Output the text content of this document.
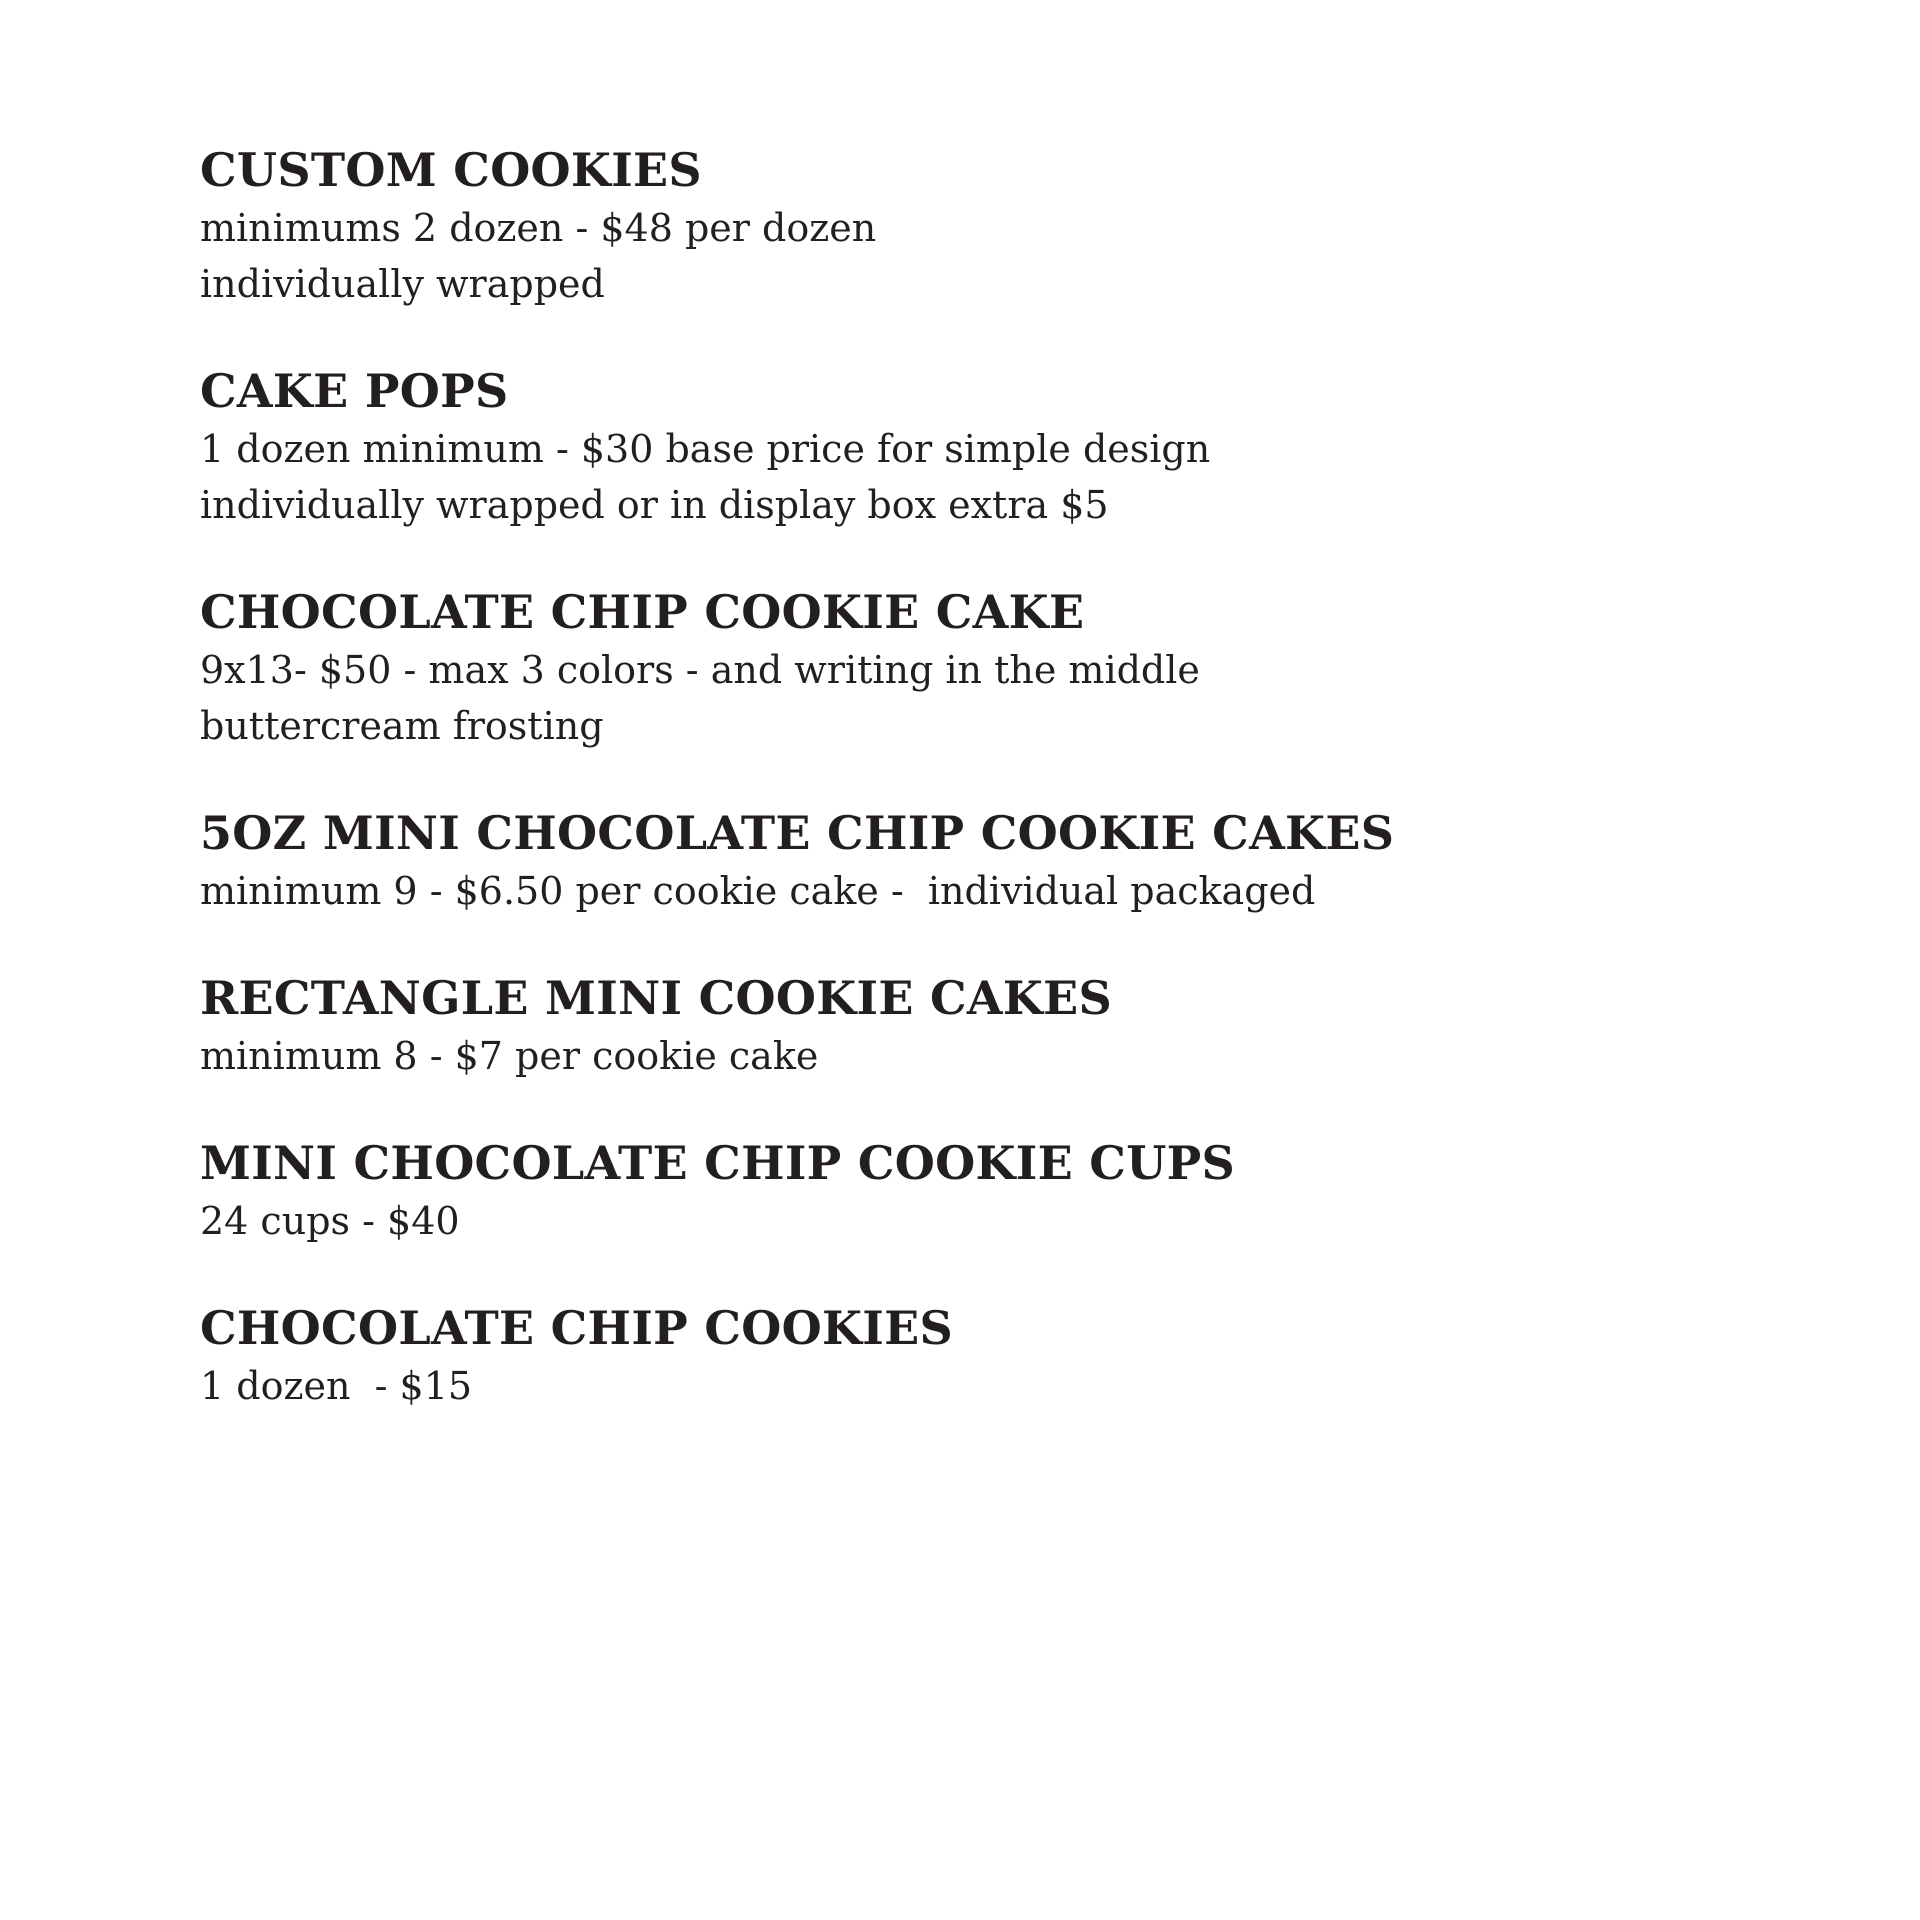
CUSTOM COOKIES
minimums 2 dozen - $48 per dozen
individually wrapped
CAKE POPS
1 dozen minimum - $30 base price for simple design
individually wrapped or in display box extra $5
CHOCOLATE CHIP COOKIE CAKE
9x13- $50 - max 3 colors - and writing in the middle
buttercream frosting
5OZ MINI CHOCOLATE CHIP COOKIE CAKES
minimum 9 - $6.50 per cookie cake -  individual packaged
RECTANGLE MINI COOKIE CAKES
minimum 8 - $7 per cookie cake
MINI CHOCOLATE CHIP COOKIE CUPS
24 cups - $40
CHOCOLATE CHIP COOKIES
1 dozen  - $15
